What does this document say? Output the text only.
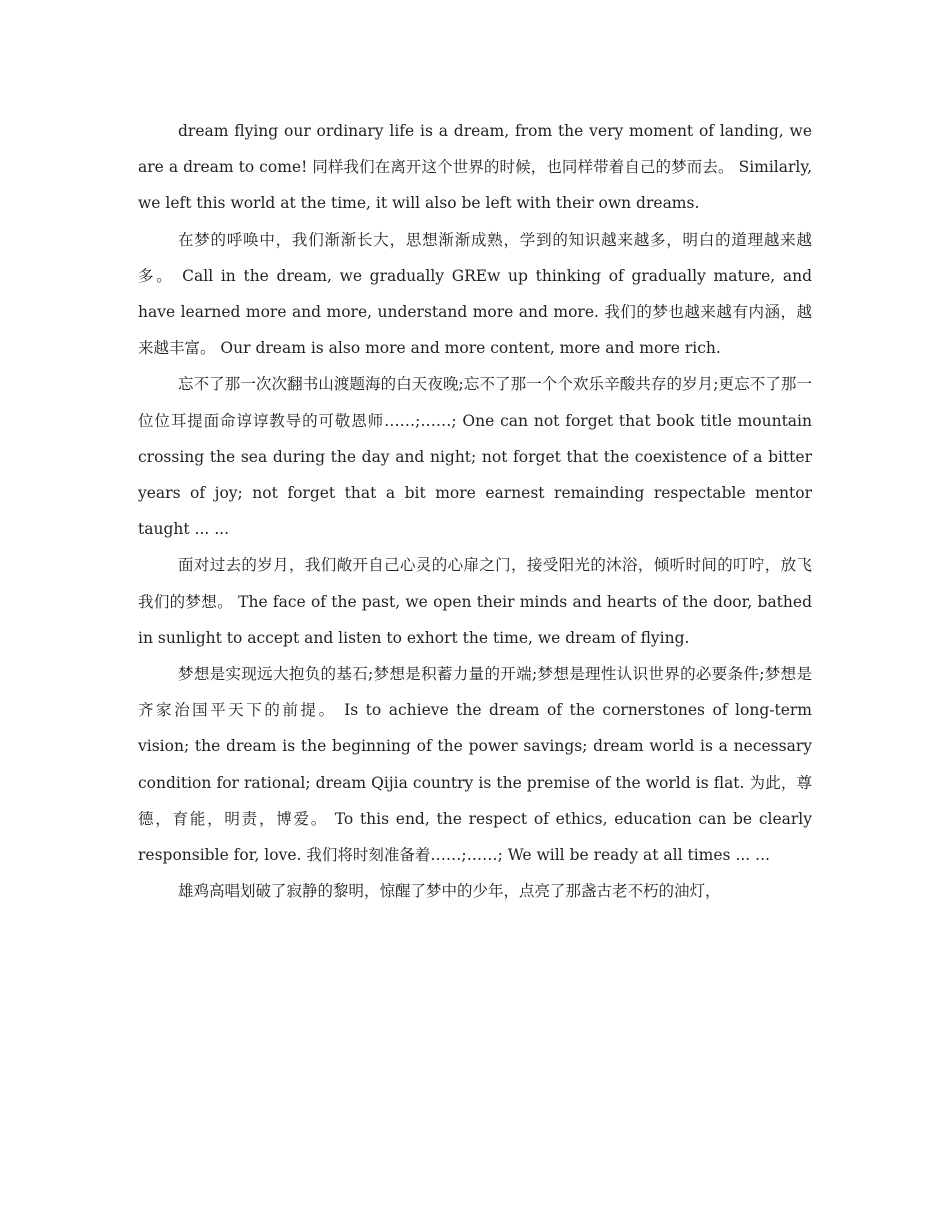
dream flying our ordinary life is a dream, from the very moment of landing, we are a dream to come! 同样我们在离开这个世界的时候，也同样带着自己的梦而去。 Similarly, we left this world at the time, it will also be left with their own dreams.

在梦的呼唤中，我们渐渐长大，思想渐渐成熟，学到的知识越来越多，明白的道理越来越多。 Call in the dream, we gradually GREw up thinking of gradually mature, and have learned more and more, understand more and more. 我们的梦也越来越有内涵，越来越丰富。 Our dream is also more and more content, more and more rich.

忘不了那一次次翻书山渡题海的白天夜晚;忘不了那一个个欢乐辛酸共存的岁月;更忘不了那一位位耳提面命谆谆教导的可敬恩师……;……; One can not forget that book title mountain crossing the sea during the day and night; not forget that the coexistence of a bitter years of joy; not forget that a bit more earnest remainding respectable mentor taught ... ...

面对过去的岁月，我们敞开自己心灵的心扉之门，接受阳光的沐浴，倾听时间的叮咛，放飞我们的梦想。 The face of the past, we open their minds and hearts of the door, bathed in sunlight to accept and listen to exhort the time, we dream of flying.

梦想是实现远大抱负的基石;梦想是积蓄力量的开端;梦想是理性认识世界的必要条件;梦想是齐家治国平天下的前提。 Is to achieve the dream of the cornerstones of long-term vision; the dream is the beginning of the power savings; dream world is a necessary condition for rational; dream Qijia country is the premise of the world is flat. 为此，尊德，育能，明责，博爱。 To this end, the respect of ethics, education can be clearly responsible for, love. 我们将时刻准备着……;……; We will be ready at all times ... ...

雄鸡高唱划破了寂静的黎明，惊醒了梦中的少年，点亮了那盏古老不朽的油灯，
